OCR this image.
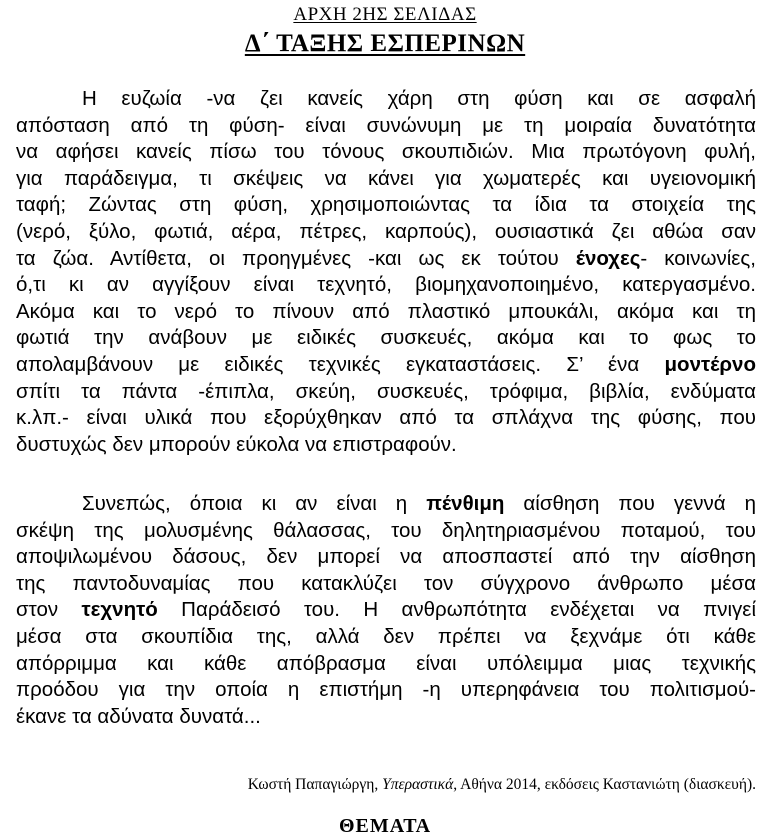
ΑΡΧΗ 2ΗΣ ΣΕΛΙΔΑΣ
Δ΄ ΤΑΞΗΣ ΕΣΠΕΡΙΝΩΝ
Η ευζωία -να ζει κανείς χάρη στη φύση και σε ασφαλή
απόσταση από τη φύση- είναι συνώνυμη με τη μοιραία δυνατότητα
να αφήσει κανείς πίσω του τόνους σκουπιδιών. Μια πρωτόγονη φυλή,
για παράδειγμα, τι σκέψεις να κάνει για χωματερές και υγειονομική
ταφή; Ζώντας στη φύση, χρησιμοποιώντας τα ίδια τα στοιχεία της
(νερό, ξύλο, φωτιά, αέρα, πέτρες, καρπούς), ουσιαστικά ζει αθώα σαν
τα ζώα. Αντίθετα, οι προηγμένες -και ως εκ τούτου ένοχες- κοινωνίες,
ό,τι κι αν αγγίξουν είναι τεχνητό, βιομηχανοποιημένο, κατεργασμένο.
Ακόμα και το νερό το πίνουν από πλαστικό μπουκάλι, ακόμα και τη
φωτιά την ανάβουν με ειδικές συσκευές, ακόμα και το φως το
απολαμβάνουν με ειδικές τεχνικές εγκαταστάσεις. Σ’ ένα μοντέρνο
σπίτι τα πάντα -έπιπλα, σκεύη, συσκευές, τρόφιμα, βιβλία, ενδύματα
κ.λπ.- είναι υλικά που εξορύχθηκαν από τα σπλάχνα της φύσης, που
δυστυχώς δεν μπορούν εύκολα να επιστραφούν.
Συνεπώς, όποια κι αν είναι η πένθιμη αίσθηση που γεννά η
σκέψη της μολυσμένης θάλασσας, του δηλητηριασμένου ποταμού, του
αποψιλωμένου δάσους, δεν μπορεί να αποσπαστεί από την αίσθηση
της παντοδυναμίας που κατακλύζει τον σύγχρονο άνθρωπο μέσα
στον τεχνητό Παράδεισό του. Η ανθρωπότητα ενδέχεται να πνιγεί
μέσα στα σκουπίδια της, αλλά δεν πρέπει να ξεχνάμε ότι κάθε
απόρριμμα και κάθε απόβρασμα είναι υπόλειμμα μιας τεχνικής
προόδου για την οποία η επιστήμη -η υπερηφάνεια του πολιτισμού-
έκανε τα αδύνατα δυνατά...
Κωστή Παπαγιώργη, Υπεραστικά, Αθήνα 2014, εκδόσεις Καστανιώτη (διασκευή).
ΘΕΜΑΤΑ
